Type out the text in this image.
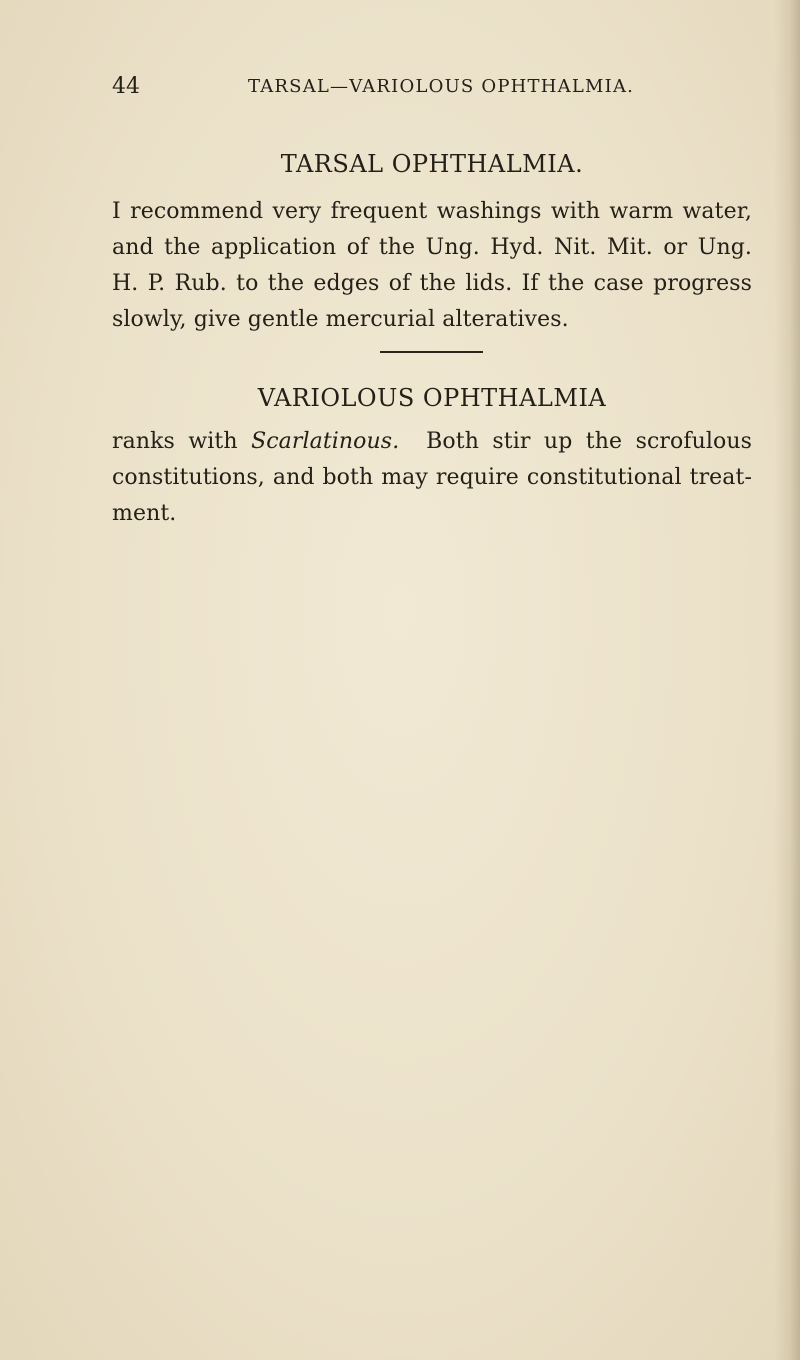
44	TARSAL—VARIOLOUS OPHTHALMIA.
TARSAL OPHTHALMIA.
I recommend very frequent washings with warm water,
and the application of the Ung. Hyd. Nit. Mit. or Ung.
H. P. Rub. to the edges of the lids. If the case progress
slowly, give gentle mercurial alteratives.
VARIOLOUS OPHTHALMIA
ranks with Scarlatinous.  Both stir up the scrofulous
constitutions, and both may require constitutional treat-
ment.
